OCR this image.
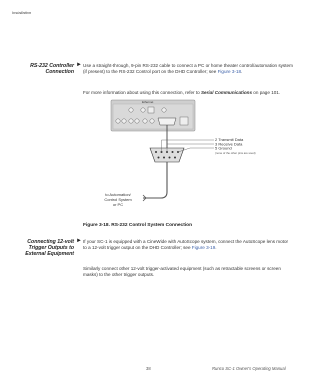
Installation
RS-232 Controller
Connection
► Use a straight-through, 9-pin RS-232 cable to connect a PC or home theater control/automation system (if present) to the RS-232 Control port on the DHD Controller; see Figure 3-18.
For more information about using this connection, refer to Serial Communications on page 101.
Ethernet
2 Transmit Data
3 Receive Data
5 Ground
(none of the other pins are used)
to Automation/
Control System
or PC
Figure 3-18. RS-232 Control System Connection
Connecting 12-volt
Trigger Outputs to
External Equipment
► If your SC-1 is equipped with a CineWide with AutoScope system, connect the AutoScope lens motor to a 12-volt trigger output on the DHD Controller; see Figure 3-19.
Similarly connect other 12-volt trigger-activated equipment (such as retractable screens or screen masks) to the other trigger outputs.
38	Runco SC-1 Owner's Operating Manual
